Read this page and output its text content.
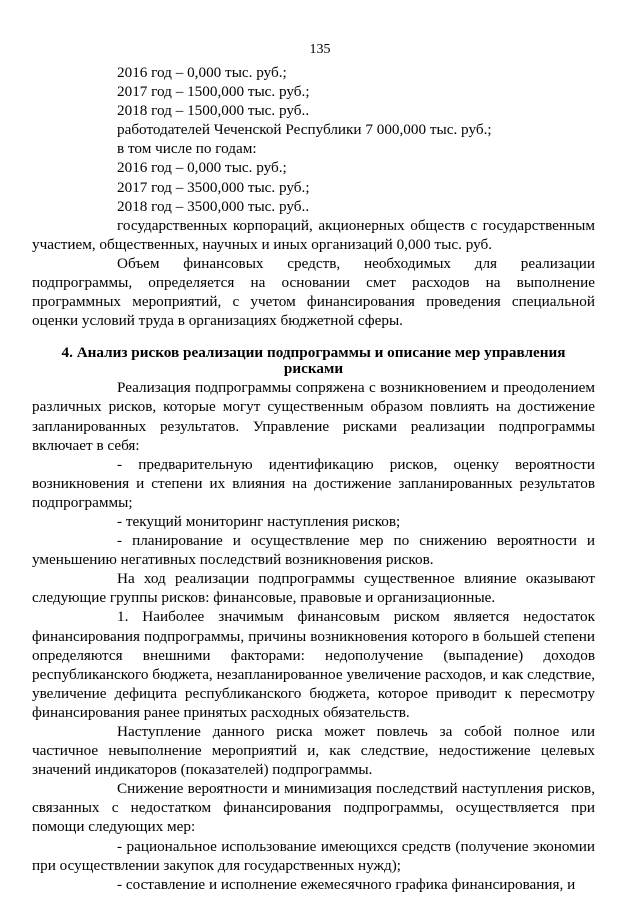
135

2016 год – 0,000 тыс. руб.;

2017 год – 1500,000 тыс. руб.;

2018 год – 1500,000 тыс. руб..

работодателей Чеченской Республики 7 000,000 тыс. руб.;

в том числе по годам:

2016 год – 0,000 тыс. руб.;

2017 год – 3500,000 тыс. руб.;

2018 год – 3500,000 тыс. руб..

государственных корпораций, акционерных обществ с государственным участием, общественных, научных и иных организаций 0,000 тыс. руб.

Объем финансовых средств, необходимых для реализации подпрограммы, определяется на основании смет расходов на выполнение программных мероприятий, с учетом финансирования проведения специальной оценки условий труда в организациях бюджетной сферы.

4. Анализ рисков реализации подпрограммы и описание мер управления рисками

Реализация подпрограммы сопряжена с возникновением и преодолением различных рисков, которые могут существенным образом повлиять на достижение запланированных результатов. Управление рисками реализации подпрограммы включает в себя:

- предварительную идентификацию рисков, оценку вероятности возникновения и степени их влияния на достижение запланированных результатов подпрограммы;

- текущий мониторинг наступления рисков;

- планирование и осуществление мер по снижению вероятности и уменьшению негативных последствий возникновения рисков.

На ход реализации подпрограммы существенное влияние оказывают следующие группы рисков: финансовые, правовые и организационные.

1. Наиболее значимым финансовым риском является недостаток финансирования подпрограммы, причины возникновения которого в большей степени определяются внешними факторами: недополучение (выпадение) доходов республиканского бюджета, незапланированное увеличение расходов, и как следствие, увеличение дефицита республиканского бюджета, которое приводит к пересмотру финансирования ранее принятых расходных обязательств.

Наступление данного риска может повлечь за собой полное или частичное невыполнение мероприятий и, как следствие, недостижение целевых значений индикаторов (показателей) подпрограммы.

Снижение вероятности и минимизация последствий наступления рисков, связанных с недостатком финансирования подпрограммы, осуществляется при помощи следующих мер:

- рациональное использование имеющихся средств (получение экономии при осуществлении закупок для государственных нужд);

- составление и исполнение ежемесячного графика финансирования, и
